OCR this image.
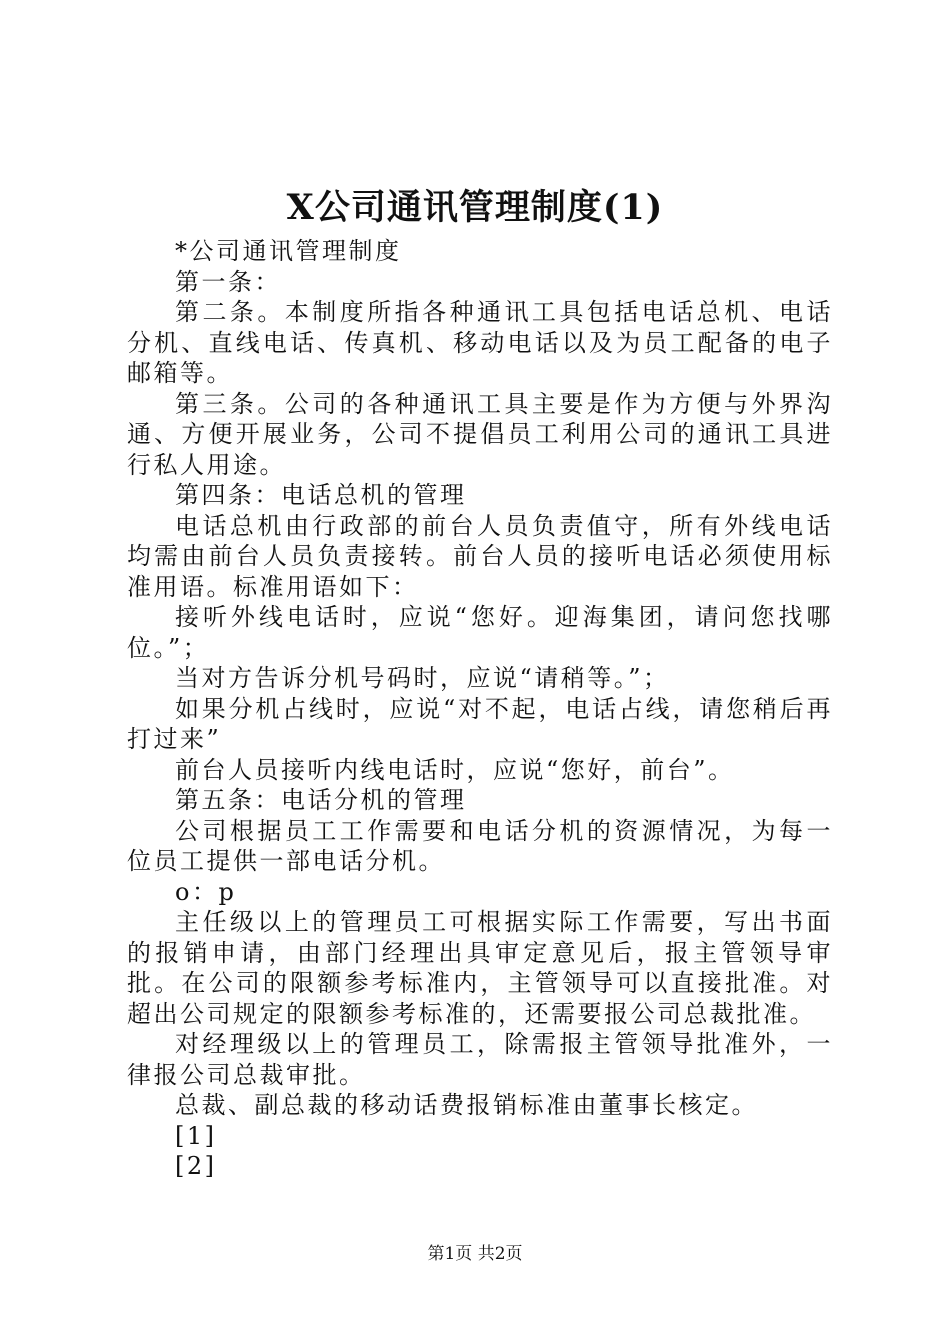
X公司通讯管理制度(1)

*公司通讯管理制度

第一条：

第二条。本制度所指各种通讯工具包括电话总机、电话分机、直线电话、传真机、移动电话以及为员工配备的电子邮箱等。

第三条。公司的各种通讯工具主要是作为方便与外界沟通、方便开展业务，公司不提倡员工利用公司的通讯工具进行私人用途。

第四条：电话总机的管理

电话总机由行政部的前台人员负责值守，所有外线电话均需由前台人员负责接转。前台人员的接听电话必须使用标准用语。标准用语如下：

接听外线电话时，应说“您好。迎海集团，请问您找哪位。”；

当对方告诉分机号码时，应说“请稍等。”；

如果分机占线时，应说“对不起，电话占线，请您稍后再打过来”

前台人员接听内线电话时，应说“您好，前台”。

第五条：电话分机的管理

公司根据员工工作需要和电话分机的资源情况，为每一位员工提供一部电话分机。

o：p

主任级以上的管理员工可根据实际工作需要，写出书面的报销申请，由部门经理出具审定意见后，报主管领导审批。在公司的限额参考标准内，主管领导可以直接批准。对超出公司规定的限额参考标准的，还需要报公司总裁批准。

对经理级以上的管理员工，除需报主管领导批准外，一律报公司总裁审批。

总裁、副总裁的移动话费报销标准由董事长核定。

[1]

[2]

第1页 共2页
